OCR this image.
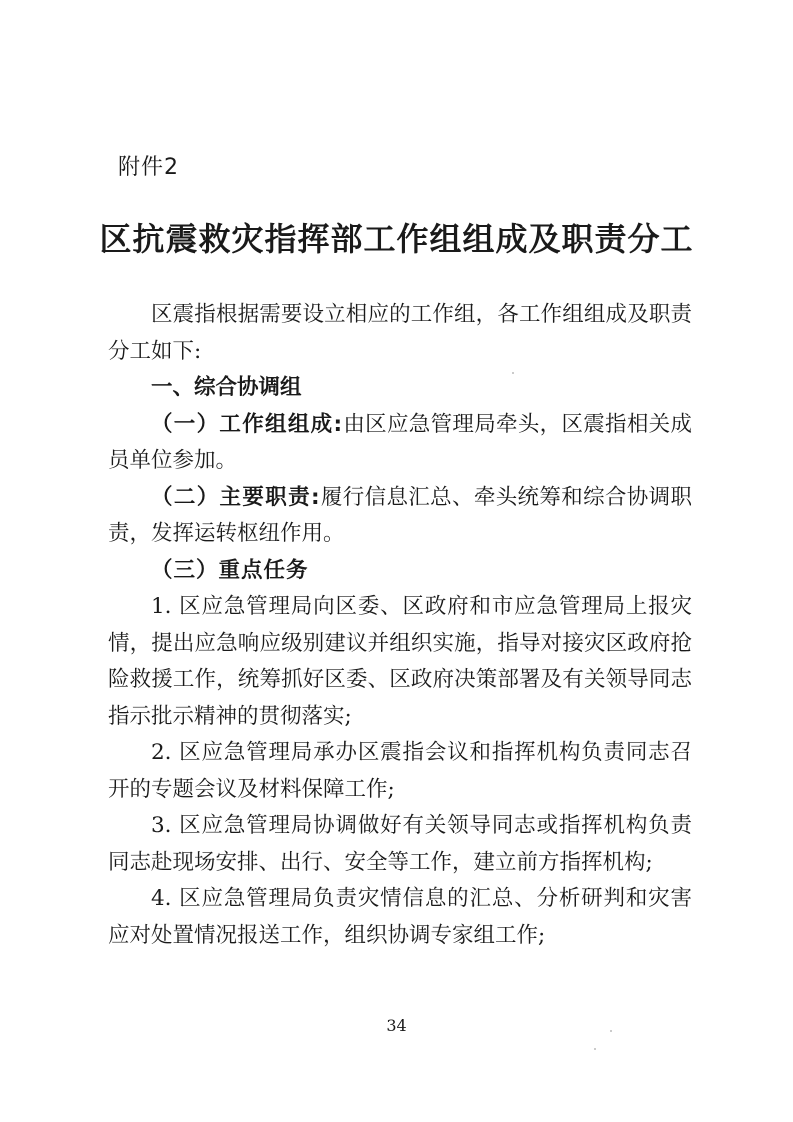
附件2
区抗震救灾指挥部工作组组成及职责分工

区震指根据需要设立相应的工作组，各工作组组成及职责分工如下:

一、综合协调组

（一）工作组组成:由区应急管理局牵头，区震指相关成员单位参加。

（二）主要职责:履行信息汇总、牵头统筹和综合协调职责，发挥运转枢纽作用。

（三）重点任务

1. 区应急管理局向区委、区政府和市应急管理局上报灾情，提出应急响应级别建议并组织实施，指导对接灾区政府抢险救援工作，统筹抓好区委、区政府决策部署及有关领导同志指示批示精神的贯彻落实;

2. 区应急管理局承办区震指会议和指挥机构负责同志召开的专题会议及材料保障工作;

3. 区应急管理局协调做好有关领导同志或指挥机构负责同志赴现场安排、出行、安全等工作，建立前方指挥机构;

4. 区应急管理局负责灾情信息的汇总、分析研判和灾害应对处置情况报送工作，组织协调专家组工作;

34
